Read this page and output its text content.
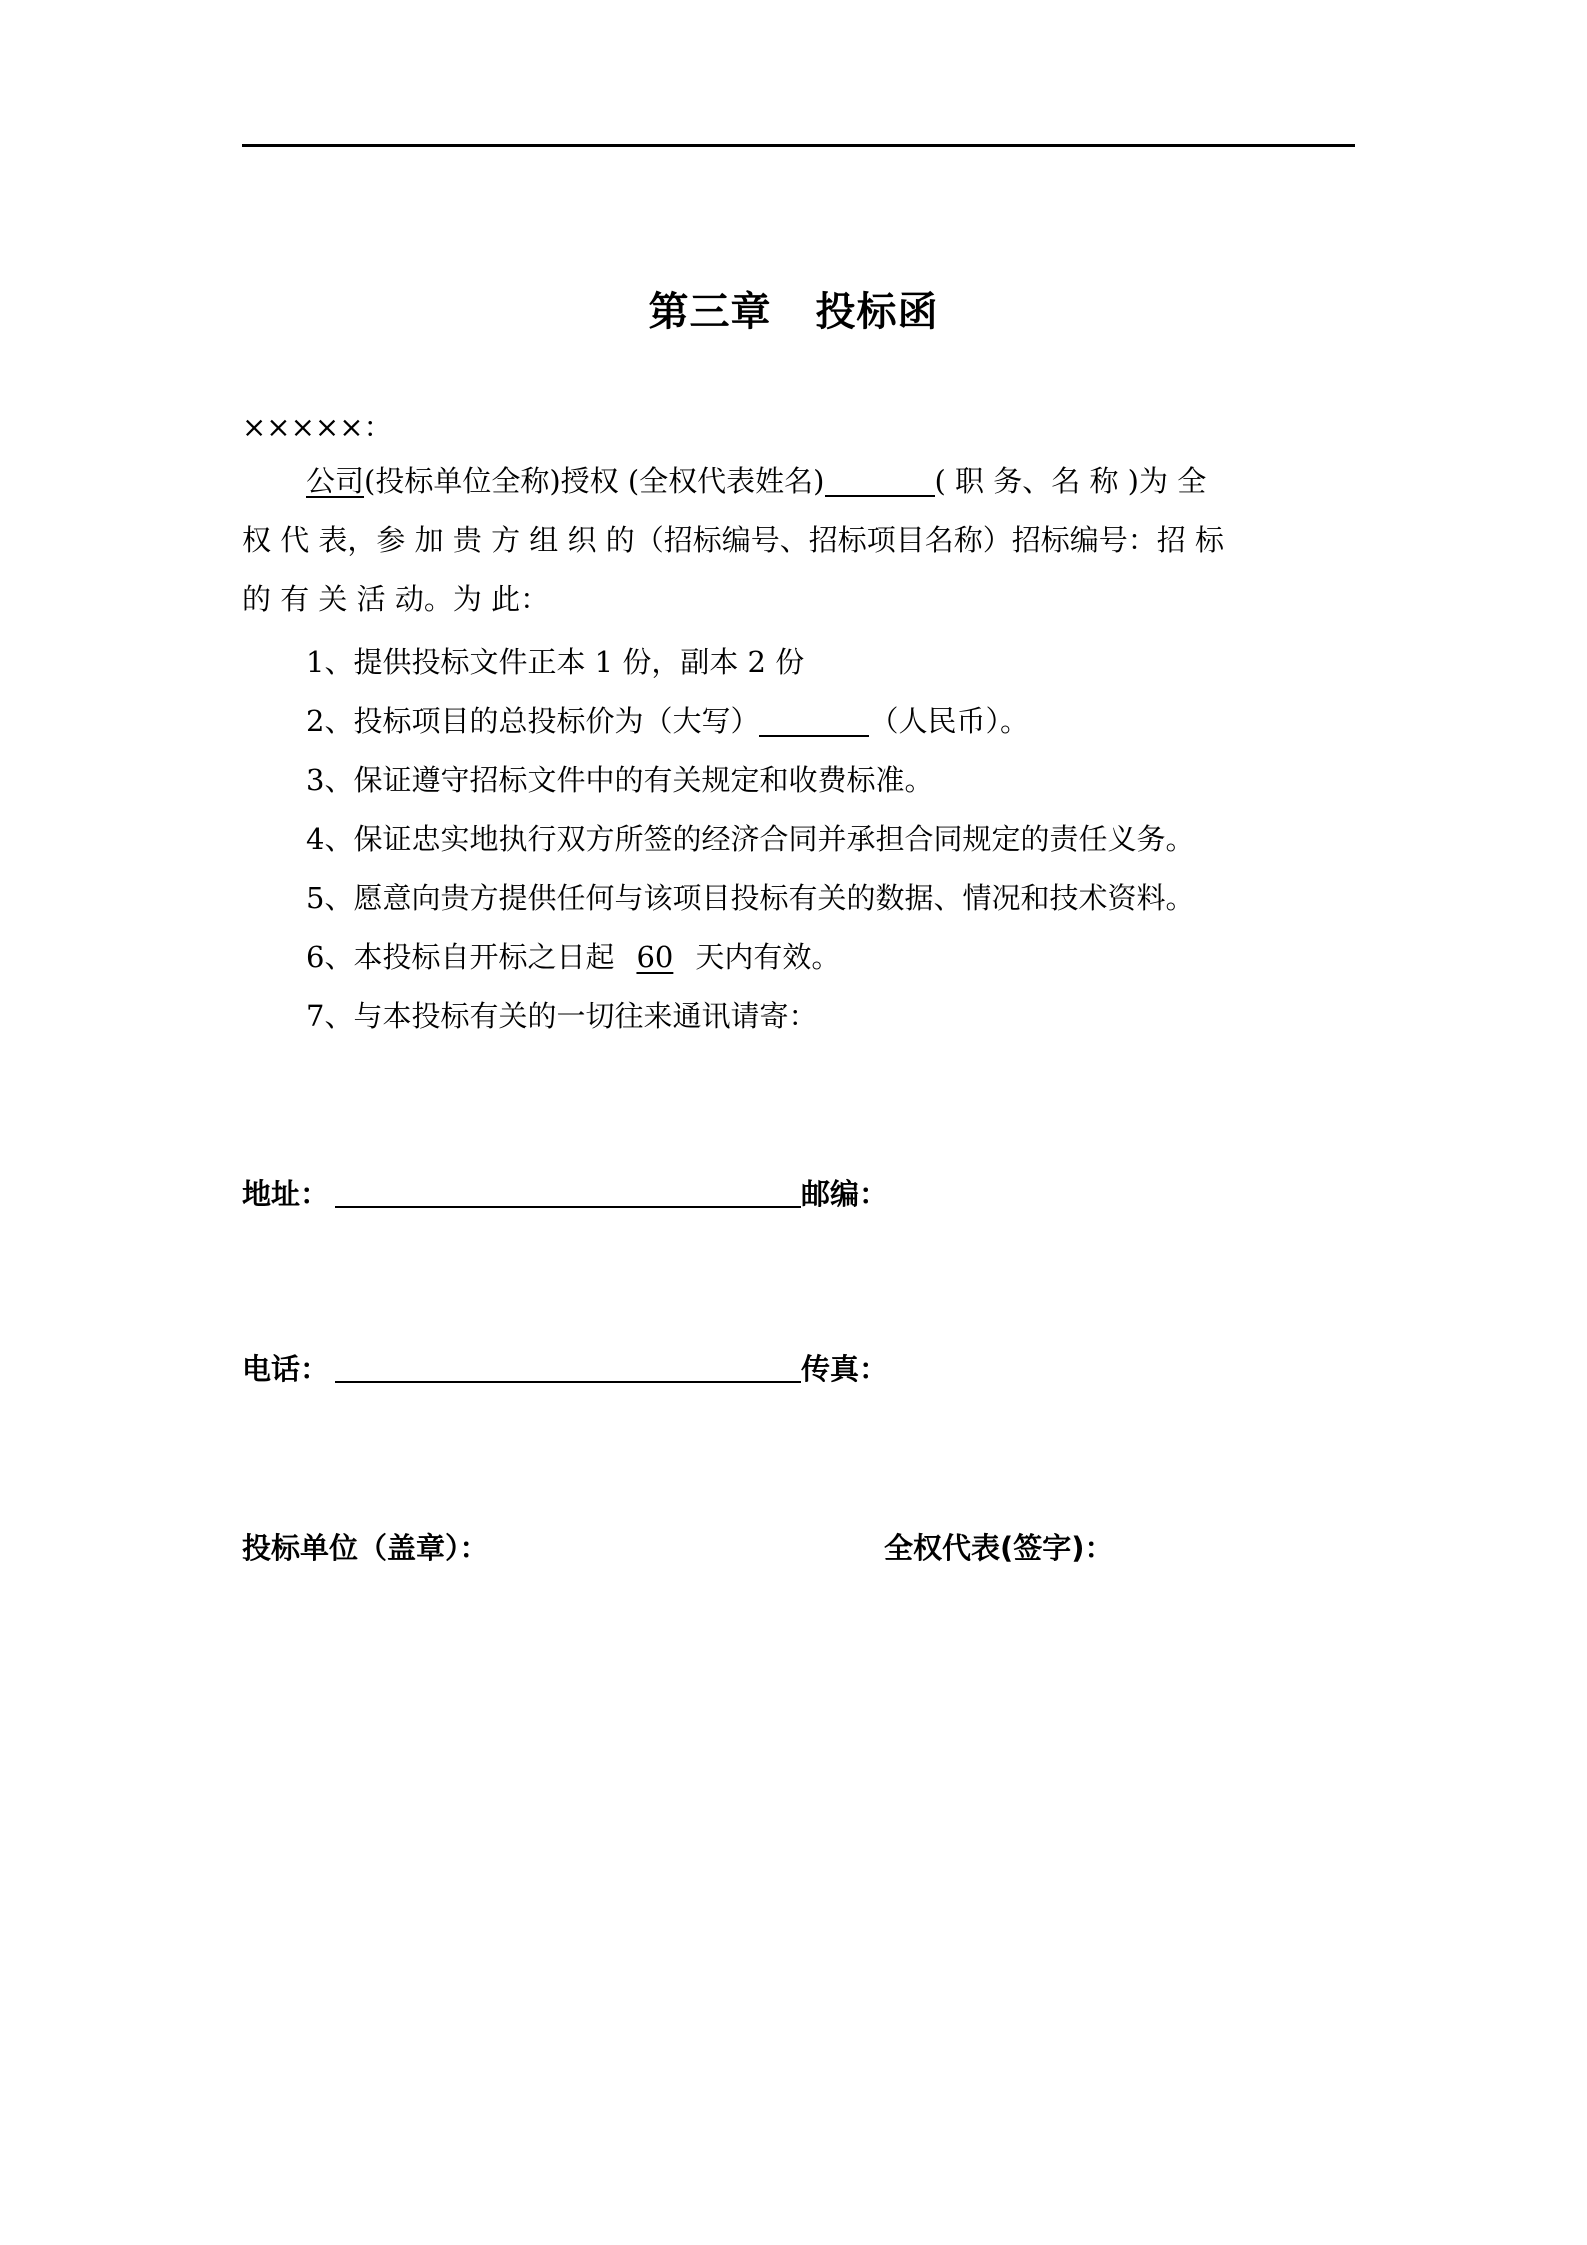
第三章 投标函
×××××：
公司(投标单位全称)授权 (全权代表姓名)	( 职 务、名 称 )为 全
权 代 表，参 加 贵 方 组 织 的（招标编号、招标项目名称）招标编号：招 标
的 有 关 活 动。为 此：
1、提供投标文件正本 1 份，副本 2 份
2、投标项目的总投标价为（大写）	（人民币）。
3、保证遵守招标文件中的有关规定和收费标准。
4、保证忠实地执行双方所签的经济合同并承担合同规定的责任义务。
5、愿意向贵方提供任何与该项目投标有关的数据、情况和技术资料。
6、本投标自开标之日起 60 天内有效。
7、与本投标有关的一切往来通讯请寄：
地址：	邮编：
电话：	传真：
投标单位（盖章）：	全权代表(签字)：
